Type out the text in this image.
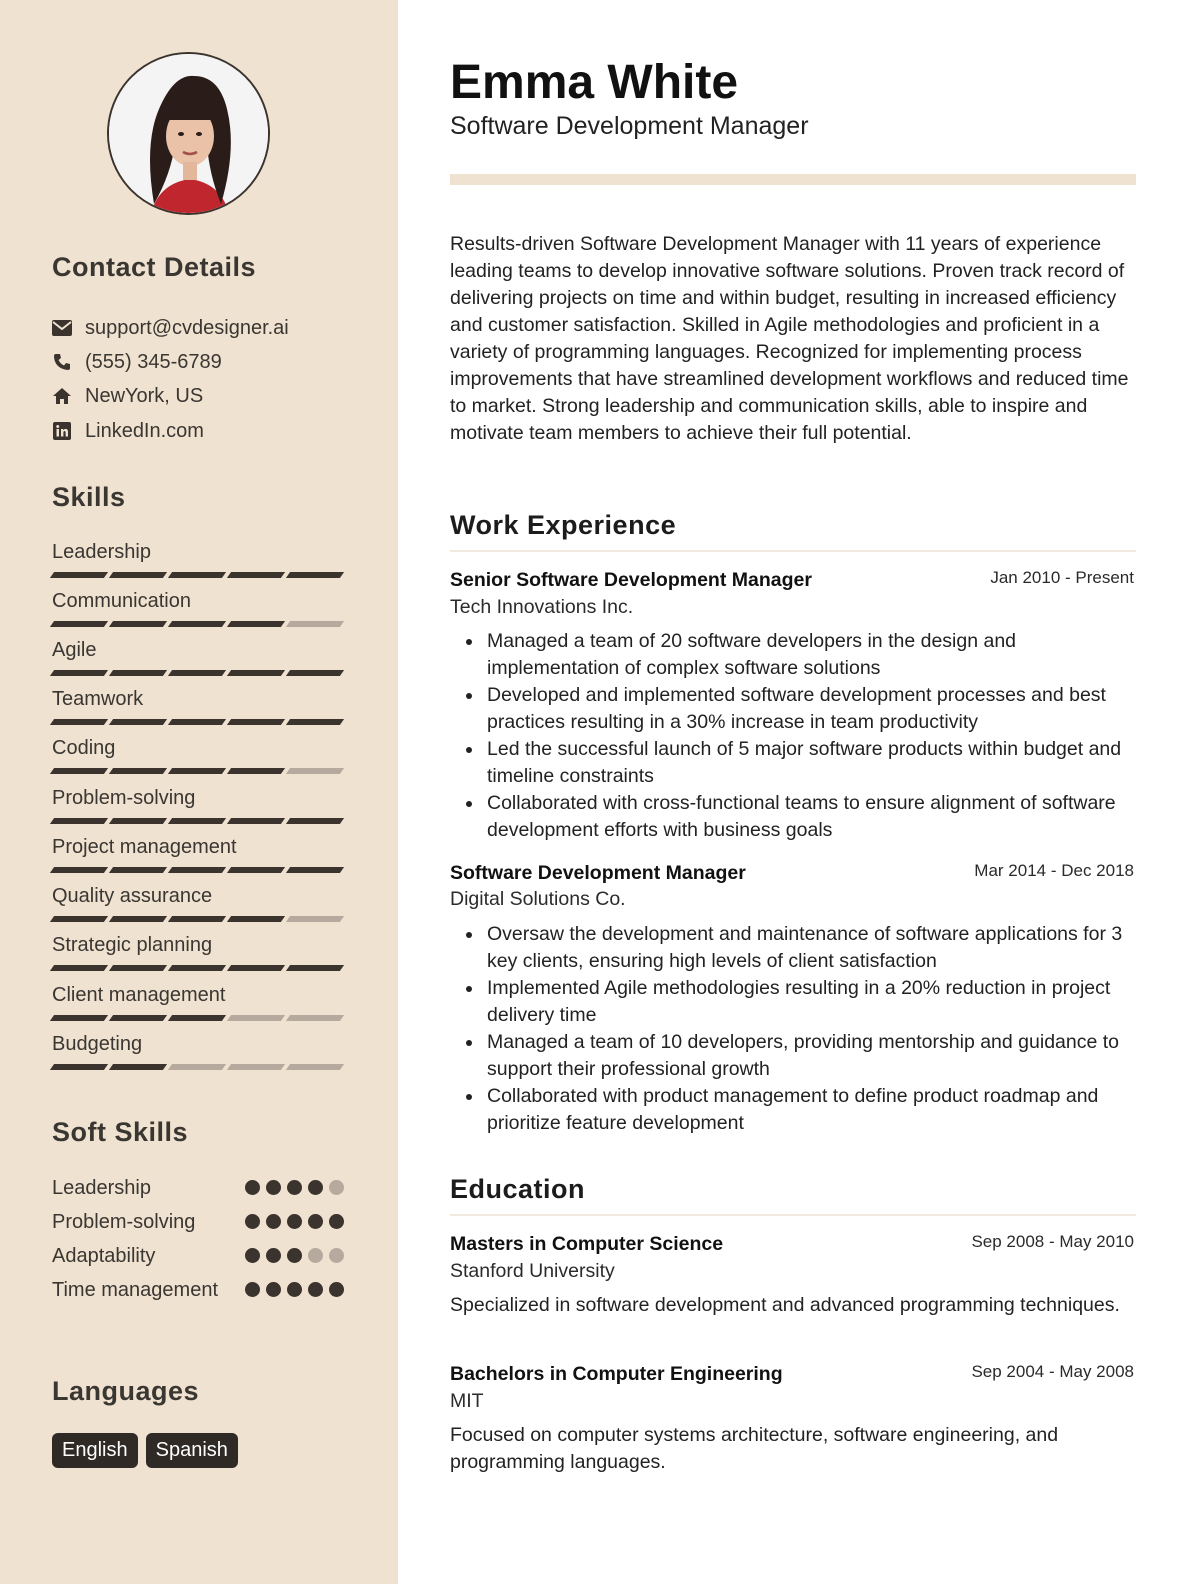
Contact Details
support@cvdesigner.ai
(555) 345-6789
NewYork, US
LinkedIn.com
Skills
Leadership
Communication
Agile
Teamwork
Coding
Problem-solving
Project management
Quality assurance
Strategic planning
Client management
Budgeting
Soft Skills
Leadership
Problem-solving
Adaptability
Time management
Languages
English	Spanish
Emma White
Software Development Manager
Results-driven Software Development Manager with 11 years of experience leading teams to develop innovative software solutions. Proven track record of delivering projects on time and within budget, resulting in increased efficiency and customer satisfaction. Skilled in Agile methodologies and proficient in a variety of programming languages. Recognized for implementing process improvements that have streamlined development workflows and reduced time to market. Strong leadership and communication skills, able to inspire and motivate team members to achieve their full potential.
Work Experience
Senior Software Development Manager	Jan 2010 - Present
Tech Innovations Inc.
Managed a team of 20 software developers in the design and implementation of complex software solutions
Developed and implemented software development processes and best practices resulting in a 30% increase in team productivity
Led the successful launch of 5 major software products within budget and timeline constraints
Collaborated with cross-functional teams to ensure alignment of software development efforts with business goals
Software Development Manager	Mar 2014 - Dec 2018
Digital Solutions Co.
Oversaw the development and maintenance of software applications for 3 key clients, ensuring high levels of client satisfaction
Implemented Agile methodologies resulting in a 20% reduction in project delivery time
Managed a team of 10 developers, providing mentorship and guidance to support their professional growth
Collaborated with product management to define product roadmap and prioritize feature development
Education
Masters in Computer Science	Sep 2008 - May 2010
Stanford University
Specialized in software development and advanced programming techniques.
Bachelors in Computer Engineering	Sep 2004 - May 2008
MIT
Focused on computer systems architecture, software engineering, and programming languages.
